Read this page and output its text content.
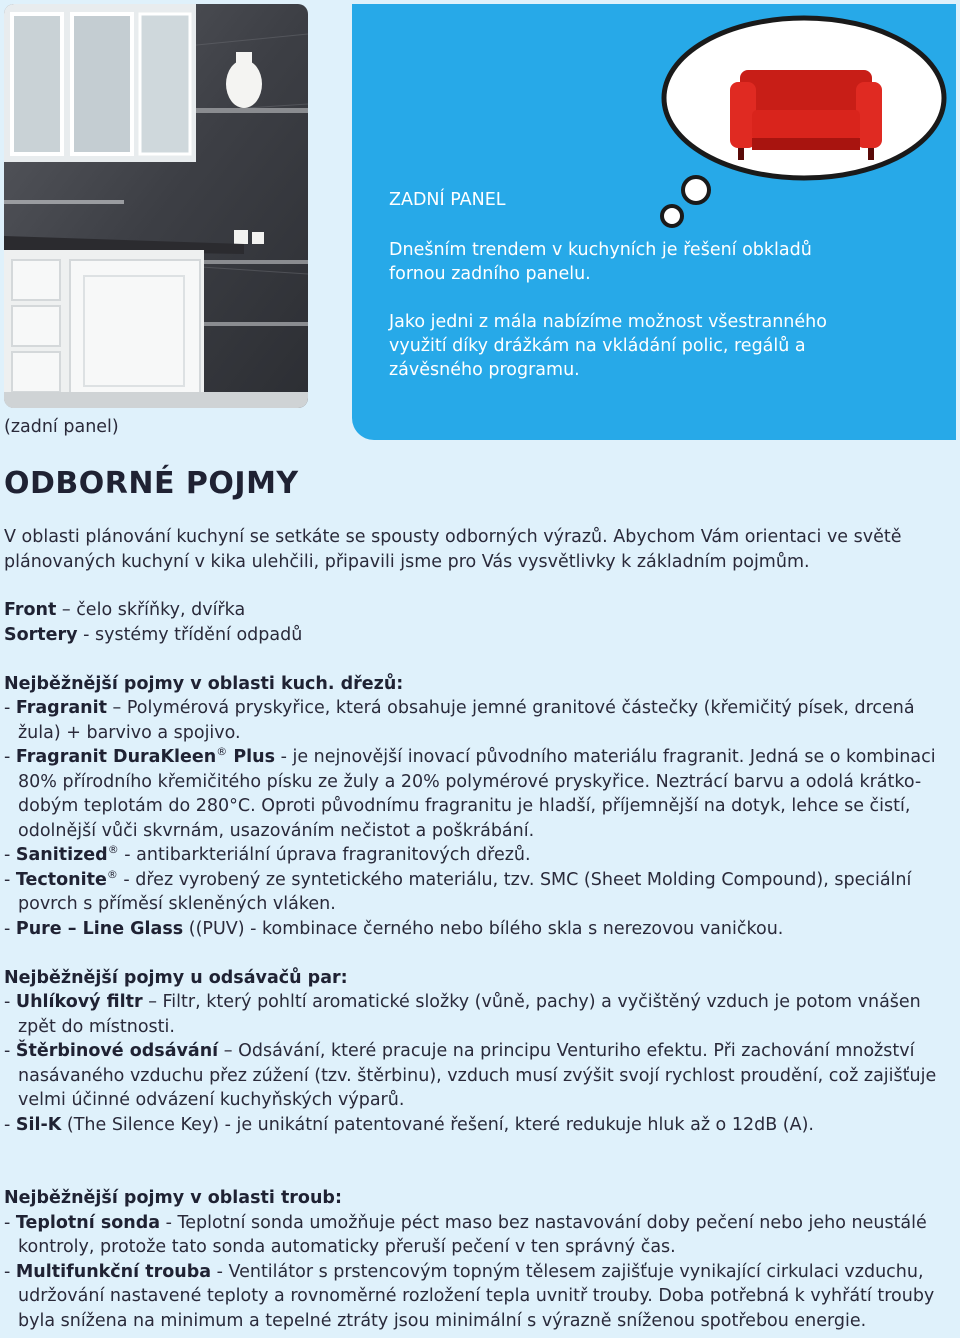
ZADNÍ PANEL

Dnešním trendem v kuchyních je řešení obkladů fornou zadního panelu.

Jako jedni z mála nabízíme možnost všestranného využití díky drážkám na vkládání polic, regálů a závěsného programu.

(zadní panel)
ODBORNÉ POJMY

V oblasti plánování kuchyní se setkáte se spousty odborných výrazů. Abychom Vám orientaci ve světě plánovaných kuchyní v kika ulehčili, připavili jsme pro Vás vysvětlivky k základním pojmům.

Front – čelo skříňky, dvířka

Sortery - systémy třídění odpadů

Nejběžnější pojmy v oblasti kuch. dřezů:

- Fragranit – Polymérová pryskyřice, která obsahuje jemné granitové částečky (křemičitý písek, drcená žula) + barvivo a spojivo.

- Fragranit DuraKleen® Plus - je nejnovější inovací původního materiálu fragranit. Jedná se o kombinaci 80% přírodního křemičitého písku ze žuly a 20% polymérové pryskyřice. Neztrácí barvu a odolá krátko- dobým teplotám do 280°C. Oproti původnímu fragranitu je hladší, příjemnější na dotyk, lehce se čistí, odolnější vůči skvrnám, usazováním nečistot a poškrábání.

- Sanitized® - antibarkteriální úprava fragranitových dřezů.

- Tectonite® - dřez vyrobený ze syntetického materiálu, tzv. SMC (Sheet Molding Compound), speciální povrch s příměsí skleněných vláken.

- Pure – Line Glass ((PUV) - kombinace černého nebo bílého skla s nerezovou vaničkou.

Nejběžnější pojmy u odsávačů par:

- Uhlíkový filtr – Filtr, který pohltí aromatické složky (vůně, pachy) a vyčištěný vzduch je potom vnášen zpět do místnosti.

- Štěrbinové odsávání – Odsávání, které pracuje na principu Venturiho efektu. Při zachování množství nasávaného vzduchu přez zúžení (tzv. štěrbinu), vzduch musí zvýšit svojí rychlost proudění, což zajišťuje velmi účinné odvázení kuchyňských výparů.

- Sil-K (The Silence Key) - je unikátní patentované řešení, které redukuje hluk až o 12dB (A).

Nejběžnější pojmy v oblasti troub:

- Teplotní sonda - Teplotní sonda umožňuje péct maso bez nastavování doby pečení nebo jeho neustálé kontroly, protože tato sonda automaticky přeruší pečení v ten správný čas.

- Multifunkční trouba - Ventilátor s prstencovým topným tělesem zajišťuje vynikající cirkulaci vzduchu, udržování nastavené teploty a rovnoměrné rozložení tepla uvnitř trouby. Doba potřebná k vyhřátí trouby byla snížena na minimum a tepelné ztráty jsou minimální s výrazně sníženou spotřebou energie.
